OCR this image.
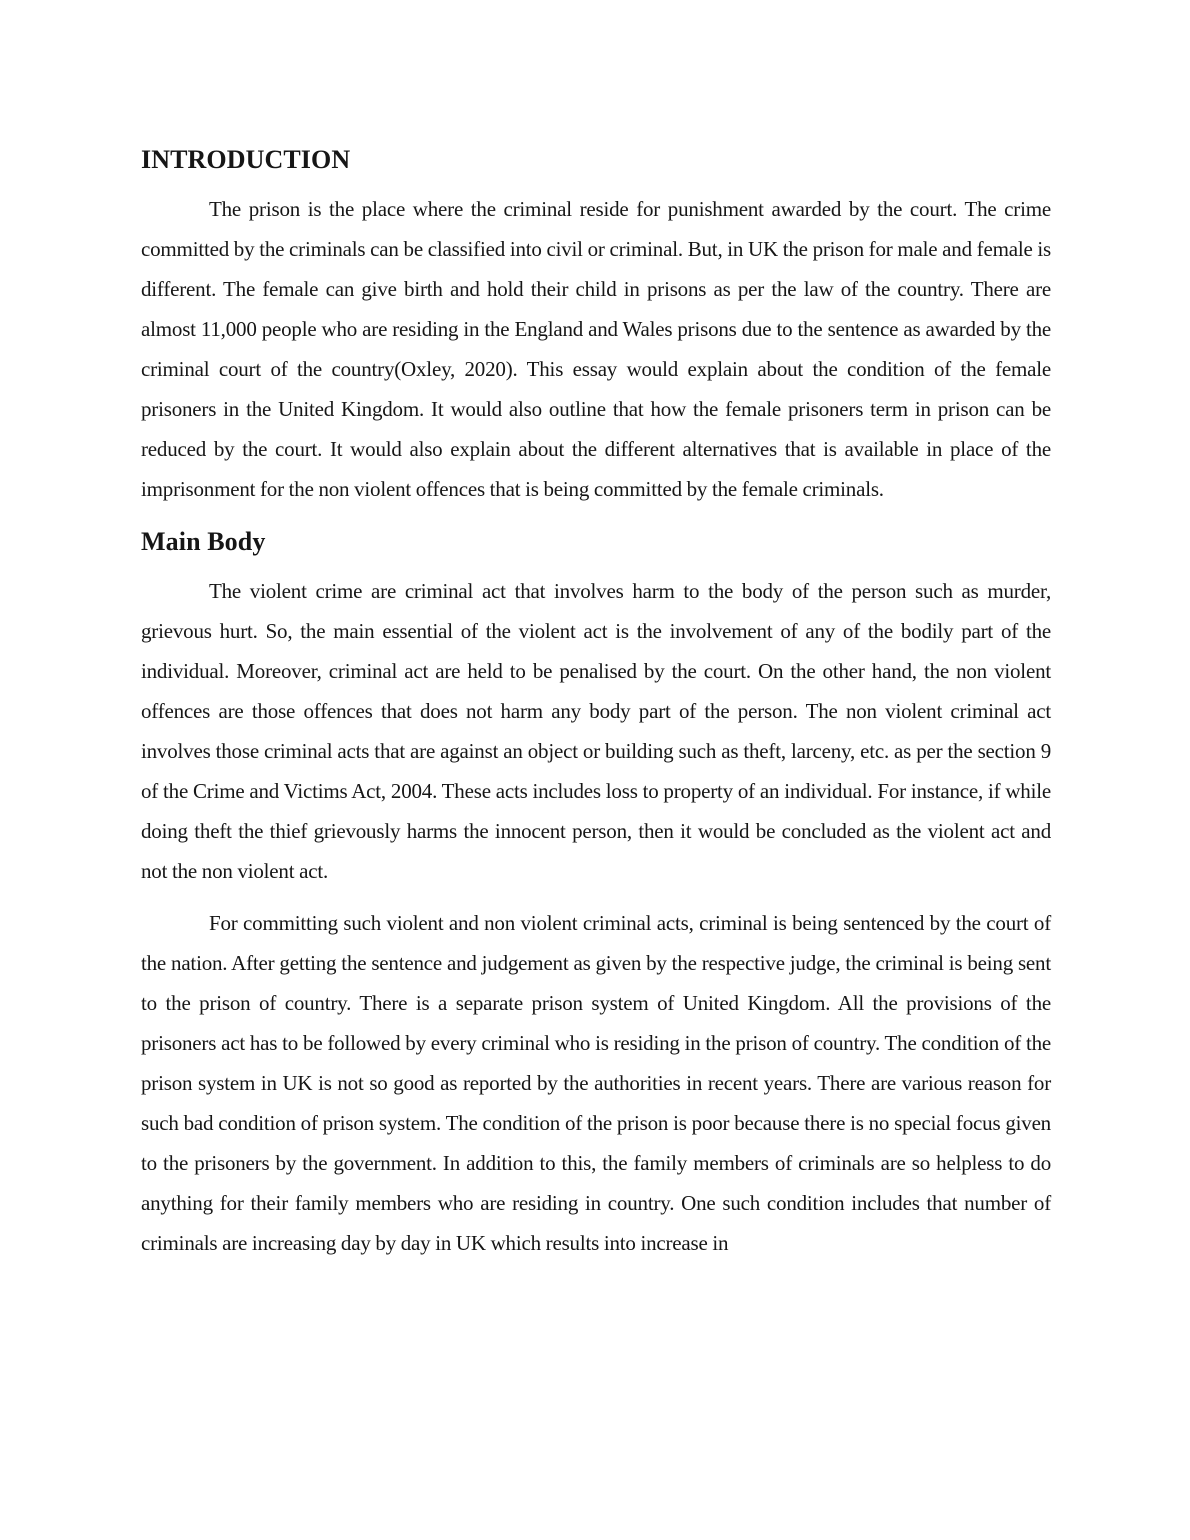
INTRODUCTION

The prison is the place where the criminal reside for punishment awarded by the court. The crime committed by the criminals can be classified into civil or criminal. But, in UK the prison for male and female is different. The female can give birth and hold their child in prisons as per the law of the country. There are almost 11,000 people who are residing in the England and Wales prisons due to the sentence as awarded by the criminal court of the country(Oxley, 2020). This essay would explain about the condition of the female prisoners in the United Kingdom. It would also outline that how the female prisoners term in prison can be reduced by the court. It would also explain about the different alternatives that is available in place of the imprisonment for the non violent offences that is being committed by the female criminals.

Main Body

The violent crime are criminal act that involves harm to the body of the person such as murder, grievous hurt. So, the main essential of the violent act is the involvement of any of the bodily part of the individual. Moreover, criminal act are held to be penalised by the court. On the other hand, the non violent offences are those offences that does not harm any body part of the person. The non violent criminal act involves those criminal acts that are against an object or building such as theft, larceny, etc. as per the section 9 of the Crime and Victims Act, 2004. These acts includes loss to property of an individual. For instance, if while doing theft the thief grievously harms the innocent person, then it would be concluded as the violent act and not the non violent act.

For committing such violent and non violent criminal acts, criminal is being sentenced by the court of the nation. After getting the sentence and judgement as given by the respective judge, the criminal is being sent to the prison of country. There is a separate prison system of United Kingdom. All the provisions of the prisoners act has to be followed by every criminal who is residing in the prison of country. The condition of the prison system in UK is not so good as reported by the authorities in recent years. There are various reason for such bad condition of prison system. The condition of the prison is poor because there is no special focus given to the prisoners by the government. In addition to this, the family members of criminals are so helpless to do anything for their family members who are residing in country. One such condition includes that number of criminals are increasing day by day in UK which results into increase in
